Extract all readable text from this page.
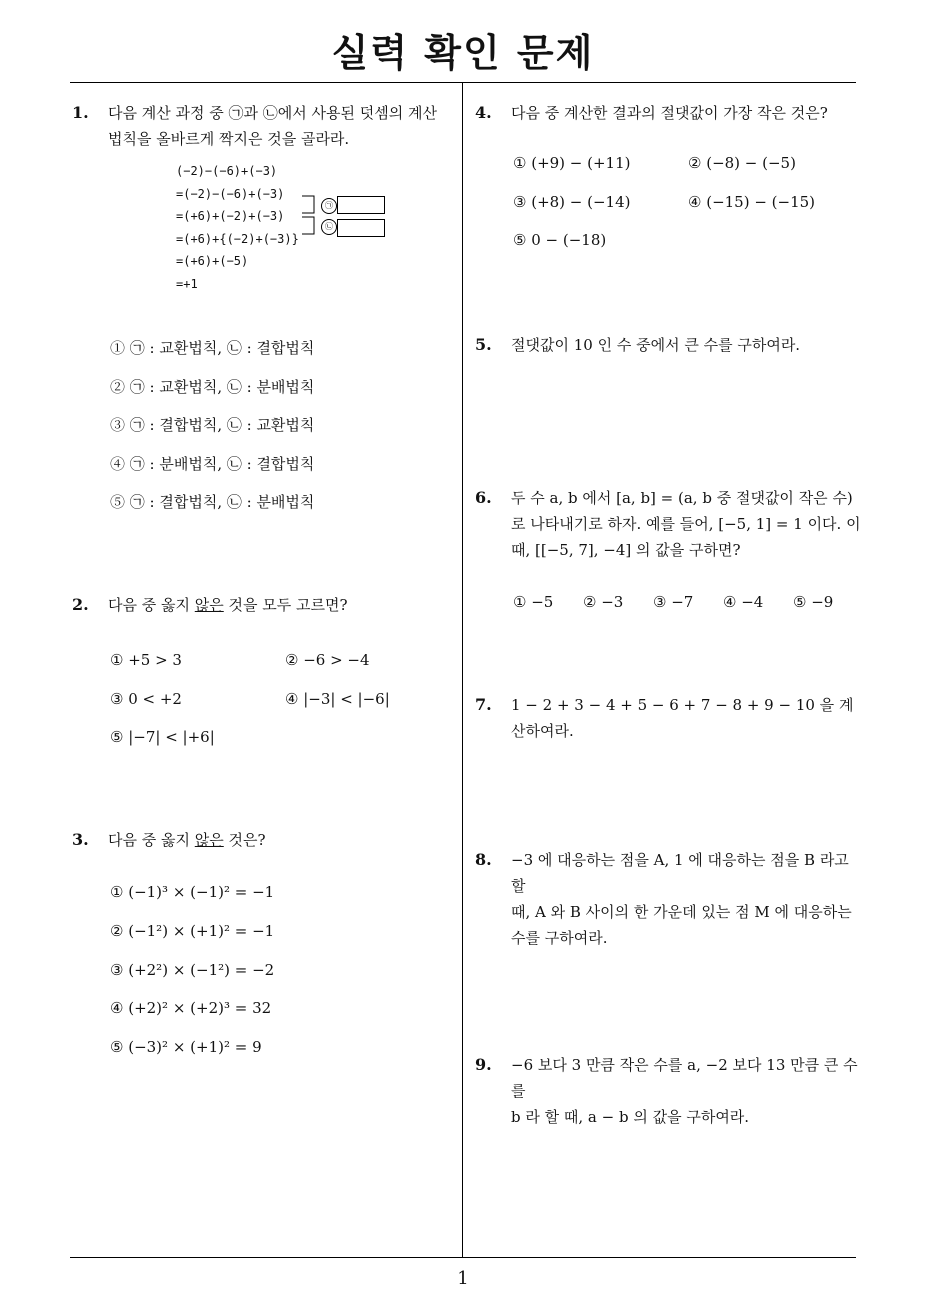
실력 확인 문제
1
1. 다음 계산 과정 중 ㉠과 ㉡에서 사용된 덧셈의 계산
법칙을 올바르게 짝지은 것을 골라라.
(−2)−(−6)+(−3)
=(−2)−(−6)+(−3)
=(+6)+(−2)+(−3)
=(+6)+{(−2)+(−3)}
=(+6)+(−5)
=+1
㉠
㉡
① ㉠ : 교환법칙, ㉡ : 결합법칙
② ㉠ : 교환법칙, ㉡ : 분배법칙
③ ㉠ : 결합법칙, ㉡ : 교환법칙
④ ㉠ : 분배법칙, ㉡ : 결합법칙
⑤ ㉠ : 결합법칙, ㉡ : 분배법칙
2. 다음 중 옳지 않은 것을 모두 고르면?
① +5 > 3	② −6 > −4
③ 0 < +2	④ |−3| < |−6|
⑤ |−7| < |+6|
3. 다음 중 옳지 않은 것은?
① (−1)³ × (−1)² = −1
② (−1²) × (+1)² = −1
③ (+2²) × (−1²) = −2
④ (+2)² × (+2)³ = 32
⑤ (−3)² × (+1)² = 9
4. 다음 중 계산한 결과의 절댓값이 가장 작은 것은?
① (+9) − (+11)	② (−8) − (−5)
③ (+8) − (−14)	④ (−15) − (−15)
⑤ 0 − (−18)
5. 절댓값이 10 인 수 중에서 큰 수를 구하여라.
6. 두 수 a, b 에서 [a, b] = (a, b 중 절댓값이 작은 수)
로 나타내기로 하자. 예를 들어, [−5, 1] = 1 이다. 이
때, [[−5, 7], −4] 의 값을 구하면?
① −5 ② −3 ③ −7 ④ −4 ⑤ −9
7. 1 − 2 + 3 − 4 + 5 − 6 + 7 − 8 + 9 − 10 을 계산하여라.
8. −3 에 대응하는 점을 A, 1 에 대응하는 점을 B 라고 할
때, A 와 B 사이의 한 가운데 있는 점 M 에 대응하는
수를 구하여라.
9. −6 보다 3 만큼 작은 수를 a, −2 보다 13 만큼 큰 수를
b 라 할 때, a − b 의 값을 구하여라.
